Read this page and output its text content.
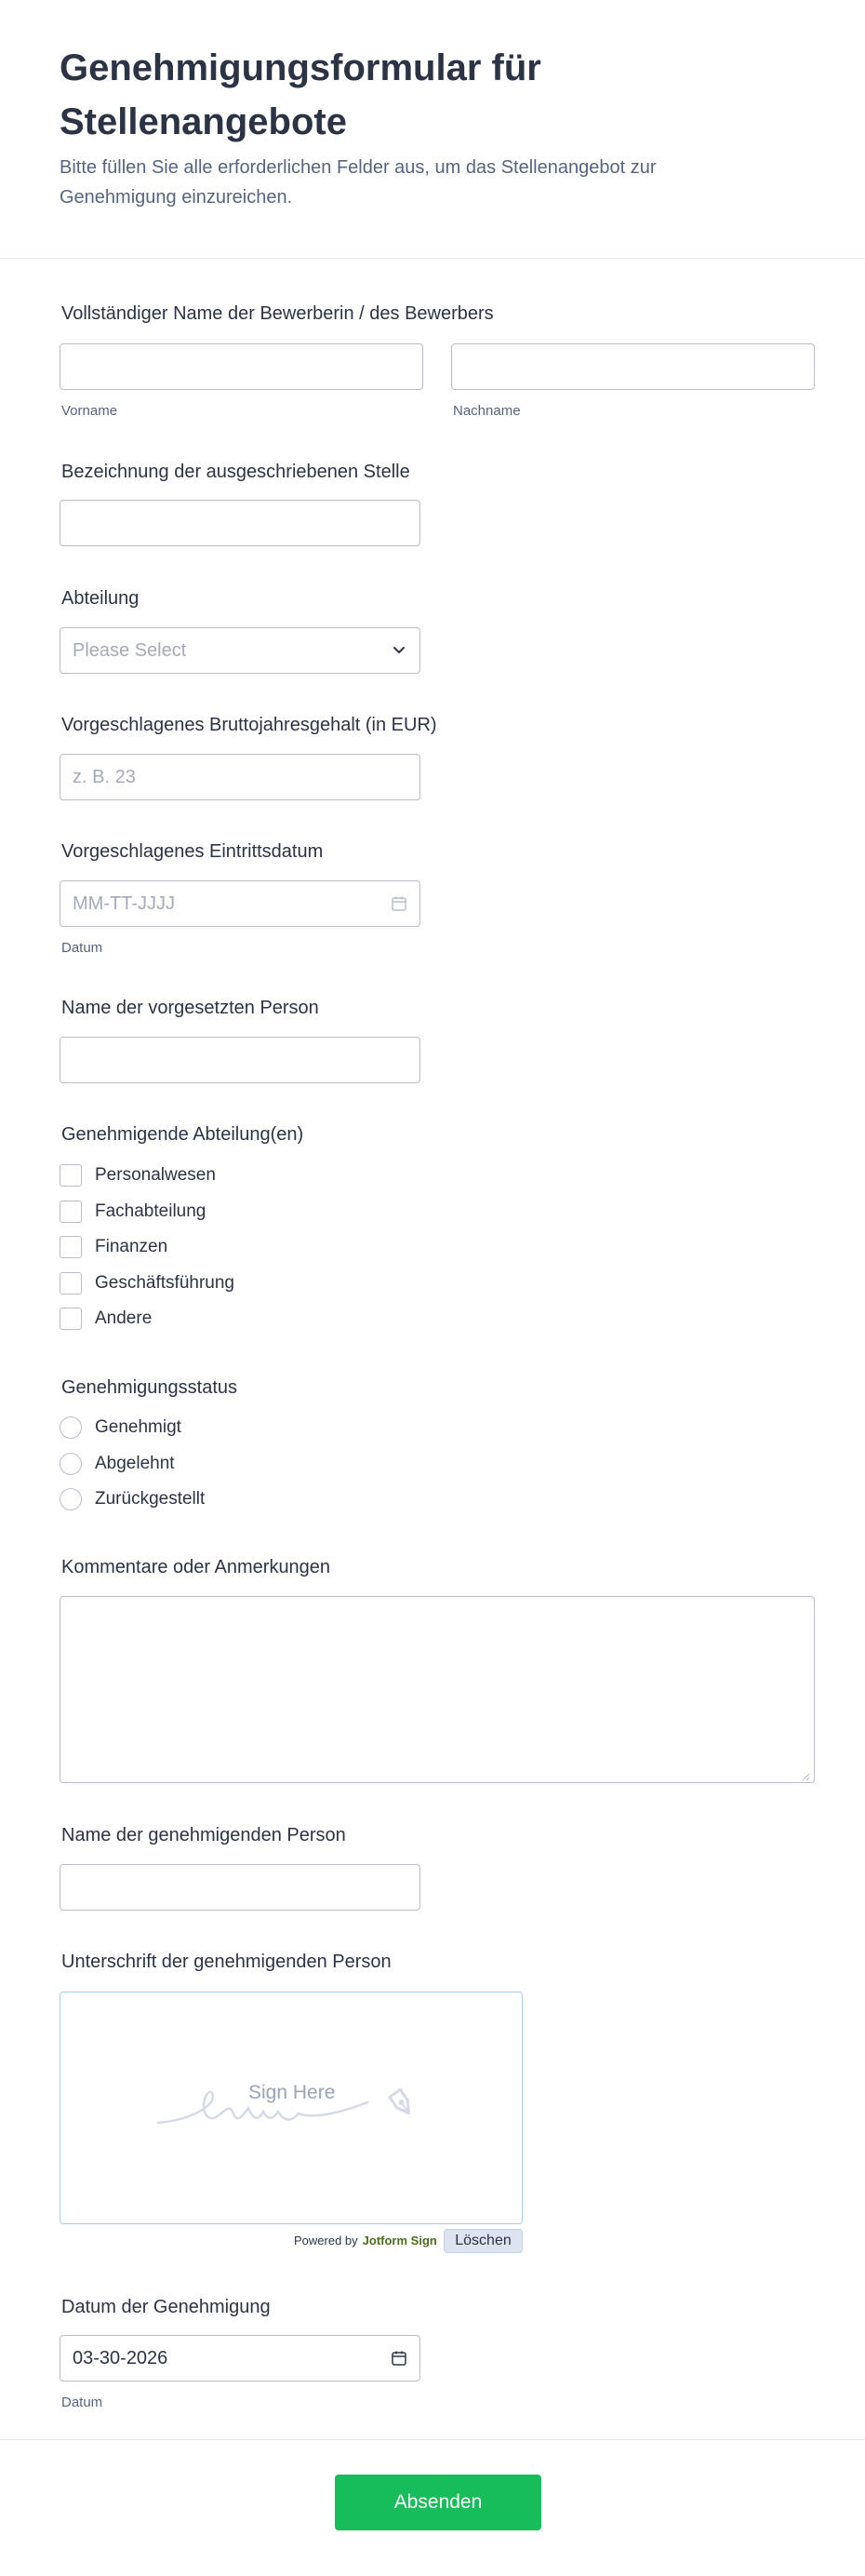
Genehmigungsformular für Stellenangebote

Bitte füllen Sie alle erforderlichen Felder aus, um das Stellenangebot zur Genehmigung einzureichen.

Vollständiger Name der Bewerberin / des Bewerbers
Vorname	Nachname
Bezeichnung der ausgeschriebenen Stelle
Abteilung
Please Select
Vorgeschlagenes Bruttojahresgehalt (in EUR)
z. B. 23
Vorgeschlagenes Eintrittsdatum
MM-TT-JJJJ
Datum
Name der vorgesetzten Person
Genehmigende Abteilung(en)
Personalwesen
Fachabteilung
Finanzen
Geschäftsführung
Andere
Genehmigungsstatus
Genehmigt
Abgelehnt
Zurückgestellt
Kommentare oder Anmerkungen
Name der genehmigenden Person
Unterschrift der genehmigenden Person
Sign Here
Powered by Jotform Sign	Löschen
Datum der Genehmigung
03-30-2026
Datum
Absenden
